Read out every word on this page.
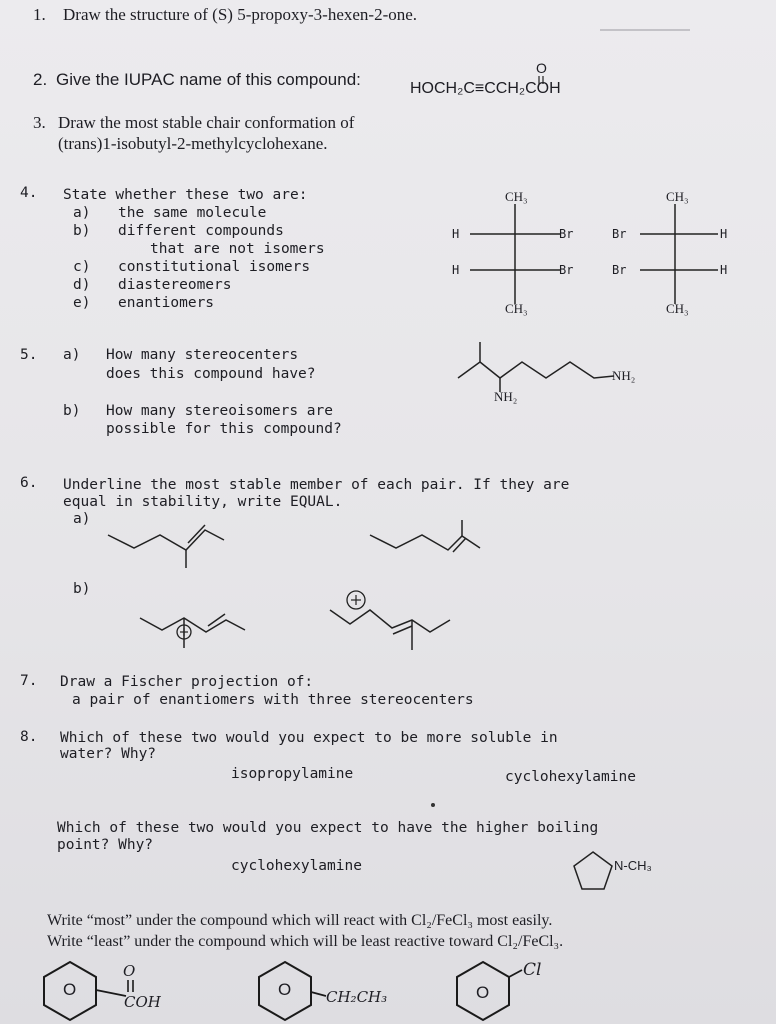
1. Draw the structure of (S) 5-propoxy-3-hexen-2-one.
2. Give the IUPAC name of this compound:	HOCH₂C≡CCH₂COH
O
3. Draw the most stable chair conformation of
(trans)1-isobutyl-2-methylcyclohexane.
4. State whether these two are:
a) the same molecule
b) different compounds
that are not isomers
c) constitutional isomers
d) diastereomers
e) enantiomers
CH₃
CH₃
H	Br
H	Br
CH₃
CH₃
Br	H
Br	H
5. a) How many stereocenters
does this compound have?
b) How many stereoisomers are
possible for this compound?
NH₂
NH₂
6. Underline the most stable member of each pair. If they are
equal in stability, write EQUAL.
a)
b)
7. Draw a Fischer projection of:
a pair of enantiomers with three stereocenters
8. Which of these two would you expect to be more soluble in
water? Why?
isopropylamine	cyclohexylamine
Which of these two would you expect to have the higher boiling
point? Why?
cyclohexylamine	N-CH₃
Write “most” under the compound which will react with Cl₂/FeCl₃ most easily.
Write “least” under the compound which will be least reactive toward Cl₂/FeCl₃.
O
O
COH
O CH₂CH₃	O
Cl
